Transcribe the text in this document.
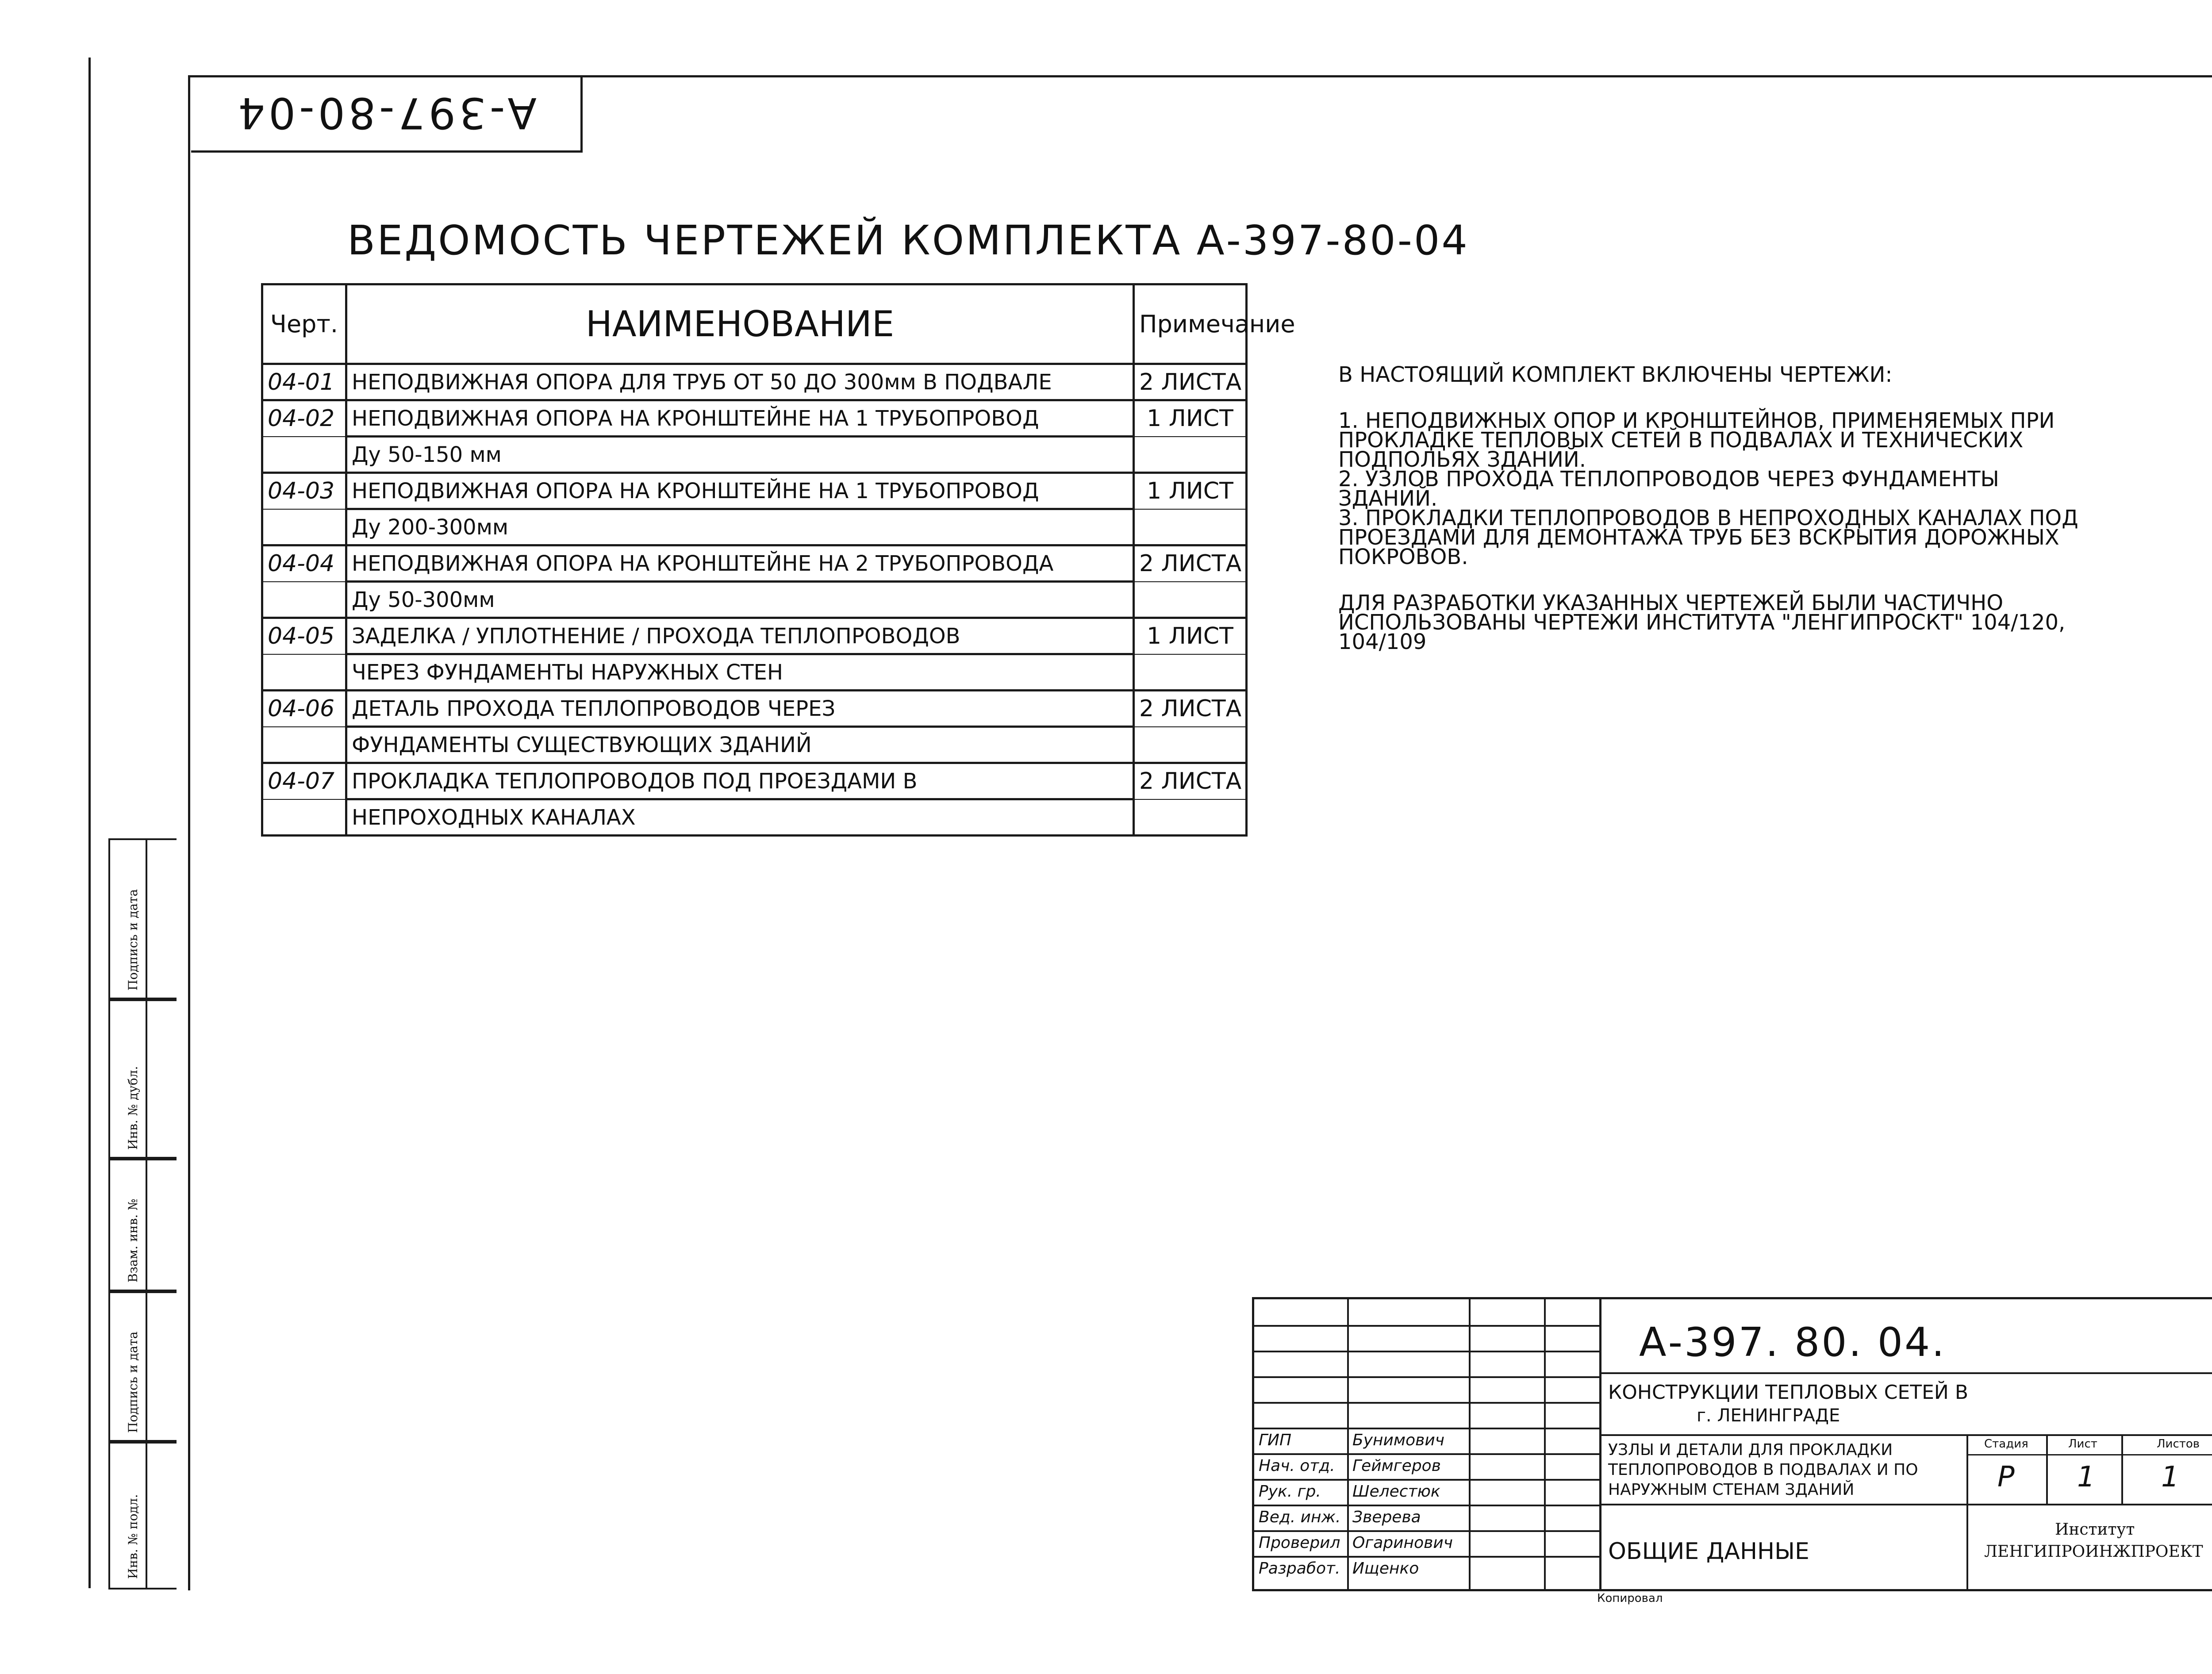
A-397-80-04
ВЕДОМОСТЬ ЧЕРТЕЖЕЙ КОМПЛЕКТА А-397-80-04
Черт.	НАИМЕНОВАНИЕ	Примечание
04-01	НЕПОДВИЖНАЯ ОПОРА ДЛЯ ТРУБ ОТ 50 ДО 300мм В ПОДВАЛЕ	2 ЛИСТА
04-02	НЕПОДВИЖНАЯ ОПОРА НА КРОНШТЕЙНЕ НА 1 ТРУБОПРОВОД	1 ЛИСТ
	Ду 50-150 мм	
04-03	НЕПОДВИЖНАЯ ОПОРА НА КРОНШТЕЙНЕ НА 1 ТРУБОПРОВОД	1 ЛИСТ
	Ду 200-300мм	
04-04	НЕПОДВИЖНАЯ ОПОРА НА КРОНШТЕЙНЕ НА 2 ТРУБОПРОВОДА	2 ЛИСТА
	Ду 50-300мм	
04-05	ЗАДЕЛКА / УПЛОТНЕНИЕ / ПРОХОДА ТЕПЛОПРОВОДОВ	1 ЛИСТ
	ЧЕРЕЗ ФУНДАМЕНТЫ НАРУЖНЫХ СТЕН	
04-06	ДЕТАЛЬ ПРОХОДА ТЕПЛОПРОВОДОВ ЧЕРЕЗ	2 ЛИСТА
	ФУНДАМЕНТЫ СУЩЕСТВУЮЩИХ ЗДАНИЙ	
04-07	ПРОКЛАДКА ТЕПЛОПРОВОДОВ ПОД ПРОЕЗДАМИ В	2 ЛИСТА
	НЕПРОХОДНЫХ КАНАЛАХ	

В НАСТОЯЩИЙ КОМПЛЕКТ ВКЛЮЧЕНЫ ЧЕРТЕЖИ:

1. НЕПОДВИЖНЫХ ОПОР И КРОНШТЕЙНОВ, ПРИМЕНЯЕМЫХ ПРИ
ПРОКЛАДКЕ ТЕПЛОВЫХ СЕТЕЙ В ПОДВАЛАХ И ТЕХНИЧЕСКИХ
ПОДПОЛЬЯХ ЗДАНИЙ.
2. УЗЛОВ ПРОХОДА ТЕПЛОПРОВОДОВ ЧЕРЕЗ ФУНДАМЕНТЫ
ЗДАНИЙ.
3. ПРОКЛАДКИ ТЕПЛОПРОВОДОВ В НЕПРОХОДНЫХ КАНАЛАХ ПОД
ПРОЕЗДАМИ ДЛЯ ДЕМОНТАЖА ТРУБ БЕЗ ВСКРЫТИЯ ДОРОЖНЫХ
ПОКРОВОВ.
ДЛЯ РАЗРАБОТКИ УКАЗАННЫХ ЧЕРТЕЖЕЙ БЫЛИ ЧАСТИЧНО
ИСПОЛЬЗОВАНЫ ЧЕРТЕЖИ ИНСТИТУТА "ЛЕНГИПРОСКТ" 104/120,
104/109
Подпись и дата
Инв. № дубл.
Взам. инв. №
Подпись и дата
Инв. № подл.
А-397. 80. 04.
КОНСТРУКЦИИ ТЕПЛОВЫХ СЕТЕЙ В
г. ЛЕНИНГРАДЕ
УЗЛЫ И ДЕТАЛИ ДЛЯ ПРОКЛАДКИ
ТЕПЛОПРОВОДОВ В ПОДВАЛАХ И ПО
НАРУЖНЫМ СТЕНАМ ЗДАНИЙ
Стадия	Лист	Листов
Р 1 1
ОБЩИЕ ДАННЫЕ
Институт
ЛЕНГИПРОИНЖПРОЕКТ
ГИП	Бунимович
Нач. отд. Геймгеров
Рук. гр. Шелестюк
Вед. инж. Зверева
Проверил Огаринович
Разработ. Ищенко
Копировал
